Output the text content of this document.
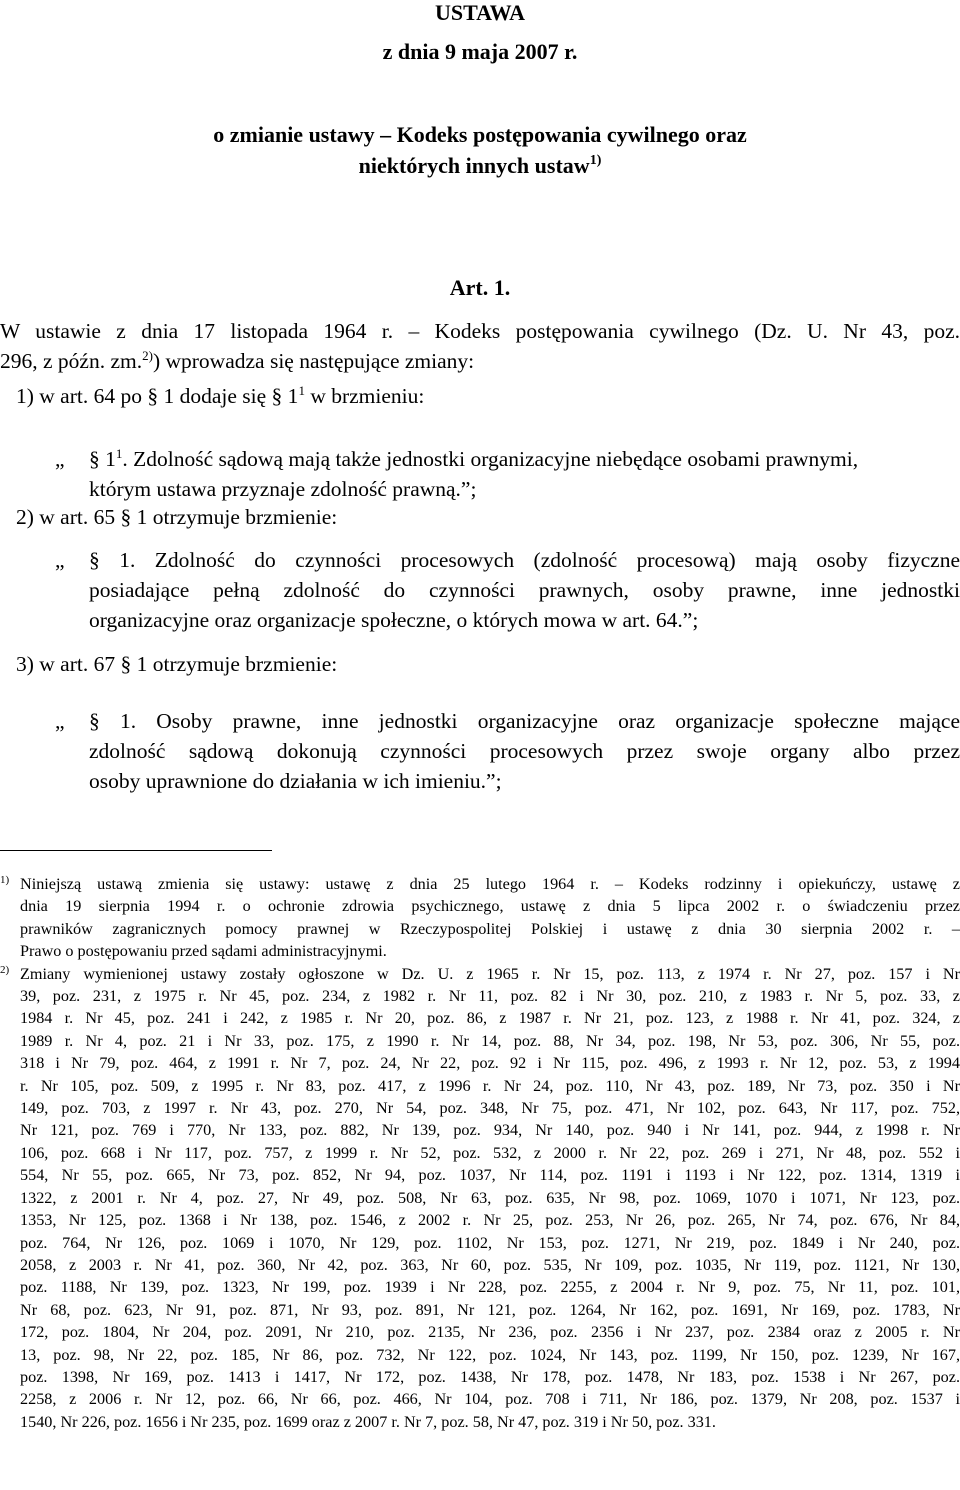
USTAWA
z dnia 9 maja 2007 r.
o zmianie ustawy – Kodeks postępowania cywilnego oraz
niektórych innych ustaw$^{1)}$
Art. 1.
W ustawie z dnia 17 listopada 1964 r. – Kodeks postępowania cywilnego (Dz. U. Nr 43, poz.
296, z późn. zm.$^{2)}$) wprowadza się następujące zmiany:
1) w art. 64 po § 1 dodaje się § 1$^1$ w brzmieniu:
„ § 1$^1$. Zdolność sądową mają także jednostki organizacyjne niebędące osobami prawnymi,
którym ustawa przyznaje zdolność prawną.”;
2) w art. 65 § 1 otrzymuje brzmienie:
„ § 1. Zdolność do czynności procesowych (zdolność procesową) mają osoby fizyczne
posiadające pełną zdolność do czynności prawnych, osoby prawne, inne jednostki
organizacyjne oraz organizacje społeczne, o których mowa w art. 64.”;
3) w art. 67 § 1 otrzymuje brzmienie:
„ § 1. Osoby prawne, inne jednostki organizacyjne oraz organizacje społeczne mające
zdolność sądową dokonują czynności procesowych przez swoje organy albo przez
osoby uprawnione do działania w ich imieniu.”;
1) Niniejszą ustawą zmienia się ustawy: ustawę z dnia 25 lutego 1964 r. – Kodeks rodzinny i opiekuńczy, ustawę z
dnia 19 sierpnia 1994 r. o ochronie zdrowia psychicznego, ustawę z dnia 5 lipca 2002 r. o świadczeniu przez
prawników zagranicznych pomocy prawnej w Rzeczypospolitej Polskiej i ustawę z dnia 30 sierpnia 2002 r. –
Prawo o postępowaniu przed sądami administracyjnymi.
2) Zmiany wymienionej ustawy zostały ogłoszone w Dz. U. z 1965 r. Nr 15, poz. 113, z 1974 r. Nr 27, poz. 157 i Nr
39, poz. 231, z 1975 r. Nr 45, poz. 234, z 1982 r. Nr 11, poz. 82 i Nr 30, poz. 210, z 1983 r. Nr 5, poz. 33, z
1984 r. Nr 45, poz. 241 i 242, z 1985 r. Nr 20, poz. 86, z 1987 r. Nr 21, poz. 123, z 1988 r. Nr 41, poz. 324, z
1989 r. Nr 4, poz. 21 i Nr 33, poz. 175, z 1990 r. Nr 14, poz. 88, Nr 34, poz. 198, Nr 53, poz. 306, Nr 55, poz.
318 i Nr 79, poz. 464, z 1991 r. Nr 7, poz. 24, Nr 22, poz. 92 i Nr 115, poz. 496, z 1993 r. Nr 12, poz. 53, z 1994
r. Nr 105, poz. 509, z 1995 r. Nr 83, poz. 417, z 1996 r. Nr 24, poz. 110, Nr 43, poz. 189, Nr 73, poz. 350 i Nr
149, poz. 703, z 1997 r. Nr 43, poz. 270, Nr 54, poz. 348, Nr 75, poz. 471, Nr 102, poz. 643, Nr 117, poz. 752,
Nr 121, poz. 769 i 770, Nr 133, poz. 882, Nr 139, poz. 934, Nr 140, poz. 940 i Nr 141, poz. 944, z 1998 r. Nr
106, poz. 668 i Nr 117, poz. 757, z 1999 r. Nr 52, poz. 532, z 2000 r. Nr 22, poz. 269 i 271, Nr 48, poz. 552 i
554, Nr 55, poz. 665, Nr 73, poz. 852, Nr 94, poz. 1037, Nr 114, poz. 1191 i 1193 i Nr 122, poz. 1314, 1319 i
1322, z 2001 r. Nr 4, poz. 27, Nr 49, poz. 508, Nr 63, poz. 635, Nr 98, poz. 1069, 1070 i 1071, Nr 123, poz.
1353, Nr 125, poz. 1368 i Nr 138, poz. 1546, z 2002 r. Nr 25, poz. 253, Nr 26, poz. 265, Nr 74, poz. 676, Nr 84,
poz. 764, Nr 126, poz. 1069 i 1070, Nr 129, poz. 1102, Nr 153, poz. 1271, Nr 219, poz. 1849 i Nr 240, poz.
2058, z 2003 r. Nr 41, poz. 360, Nr 42, poz. 363, Nr 60, poz. 535, Nr 109, poz. 1035, Nr 119, poz. 1121, Nr 130,
poz. 1188, Nr 139, poz. 1323, Nr 199, poz. 1939 i Nr 228, poz. 2255, z 2004 r. Nr 9, poz. 75, Nr 11, poz. 101,
Nr 68, poz. 623, Nr 91, poz. 871, Nr 93, poz. 891, Nr 121, poz. 1264, Nr 162, poz. 1691, Nr 169, poz. 1783, Nr
172, poz. 1804, Nr 204, poz. 2091, Nr 210, poz. 2135, Nr 236, poz. 2356 i Nr 237, poz. 2384 oraz z 2005 r. Nr
13, poz. 98, Nr 22, poz. 185, Nr 86, poz. 732, Nr 122, poz. 1024, Nr 143, poz. 1199, Nr 150, poz. 1239, Nr 167,
poz. 1398, Nr 169, poz. 1413 i 1417, Nr 172, poz. 1438, Nr 178, poz. 1478, Nr 183, poz. 1538 i Nr 267, poz.
2258, z 2006 r. Nr 12, poz. 66, Nr 66, poz. 466, Nr 104, poz. 708 i 711, Nr 186, poz. 1379, Nr 208, poz. 1537 i
1540, Nr 226, poz. 1656 i Nr 235, poz. 1699 oraz z 2007 r. Nr 7, poz. 58, Nr 47, poz. 319 i Nr 50, poz. 331.
